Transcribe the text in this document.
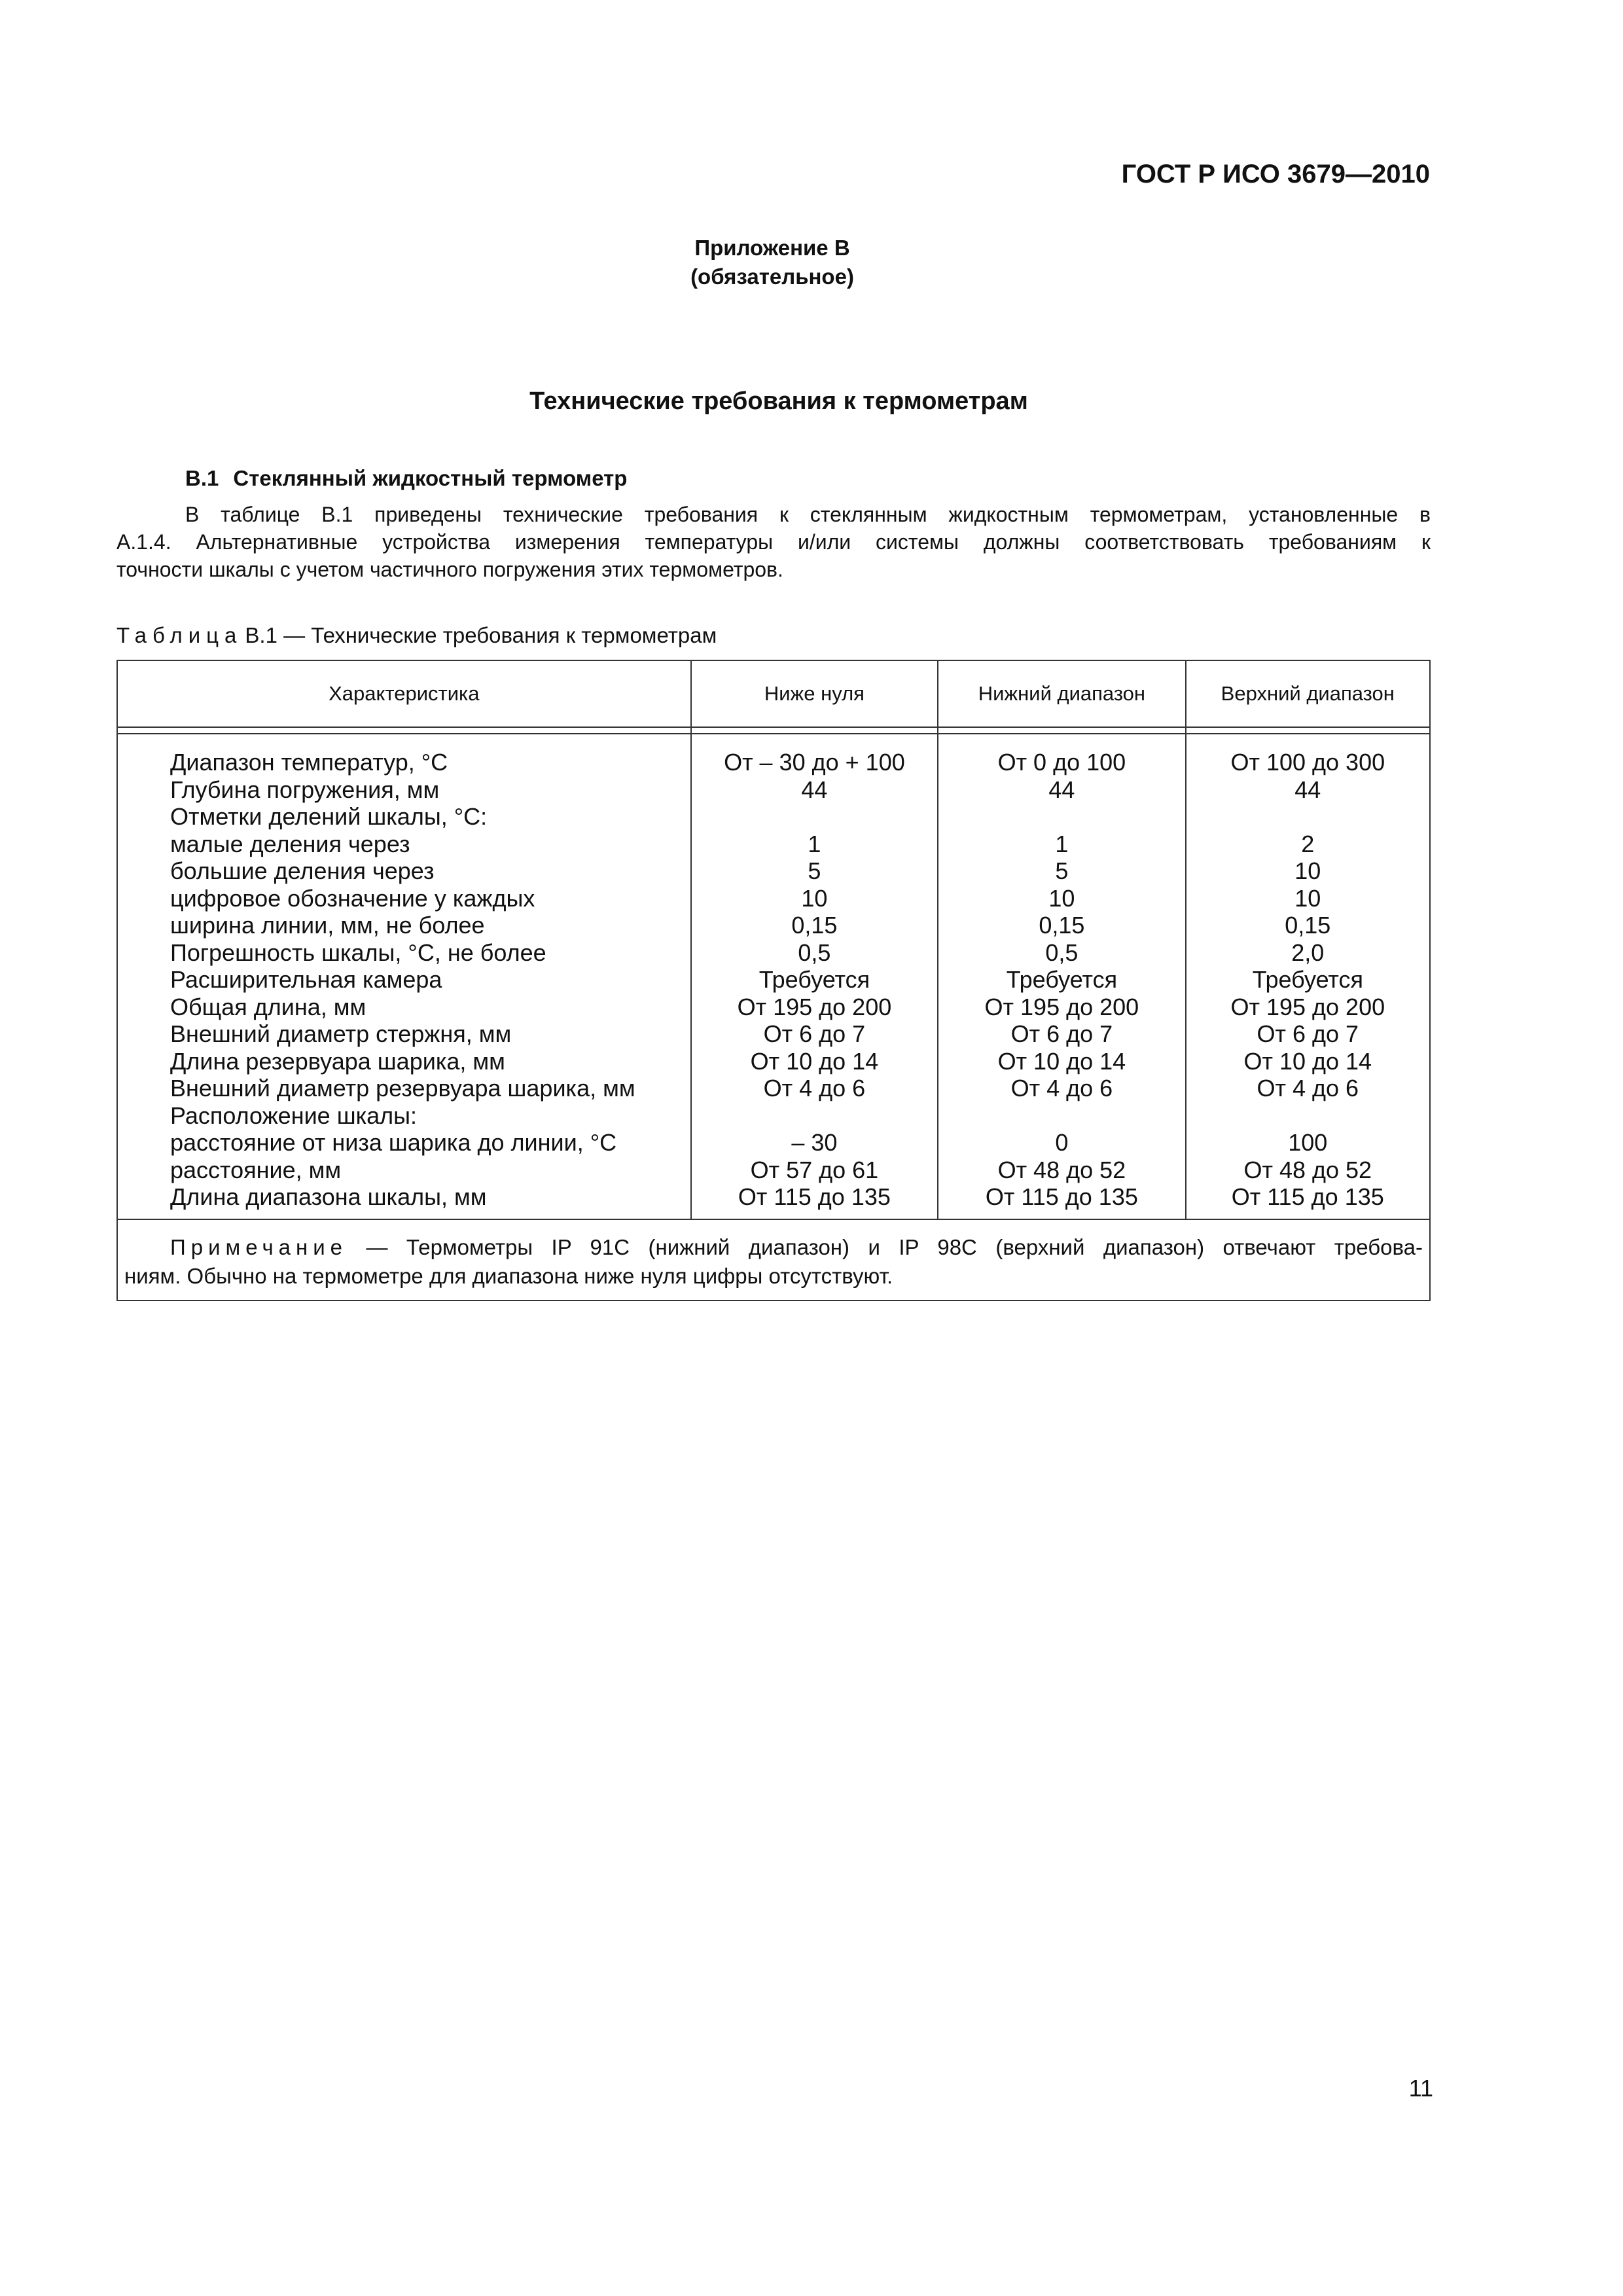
ГОСТ Р ИСО 3679—2010
Приложение В
(обязательное)
Технические требования к термометрам
В.1 Стеклянный жидкостный термометр
В таблице В.1 приведены технические требования к стеклянным жидкостным термометрам, установленные в
А.1.4. Альтернативные устройства измерения температуры и/или системы должны соответствовать требованиям к
точности шкалы с учетом частичного погружения этих термометров.
Таблица В.1 — Технические требования к термометрам
Характеристика	Ниже нуля	Нижний диапазон	Верхний диапазон

Диапазон температур, °С	От – 30 до + 100	От 0 до 100	От 100 до 300
Глубина погружения, мм	44	44	44
Отметки делений шкалы, °С:			
малые деления через	1	1	2
большие деления через	5	5	10
цифровое обозначение у каждых	10	10	10
ширина линии, мм, не более	0,15	0,15	0,15
Погрешность шкалы, °С, не более	0,5	0,5	2,0
Расширительная камера	Требуется	Требуется	Требуется
Общая длина, мм	От 195 до 200	От 195 до 200	От 195 до 200
Внешний диаметр стержня, мм	От 6 до 7	От 6 до 7	От 6 до 7
Длина резервуара шарика, мм	От 10 до 14	От 10 до 14	От 10 до 14
Внешний диаметр резервуара шарика, мм	От 4 до 6	От 4 до 6	От 4 до 6
Расположение шкалы:			
расстояние от низа шарика до линии, °С	– 30	0	100
расстояние, мм	От 57 до 61	От 48 до 52	От 48 до 52
Длина диапазона шкалы, мм	От 115 до 135	От 115 до 135	От 115 до 135

Примечание — Термометры IP 91C (нижний диапазон) и IP 98C (верхний диапазон) отвечают требова-
ниям. Обычно на термометре для диапазона ниже нуля цифры отсутствуют.			
11
